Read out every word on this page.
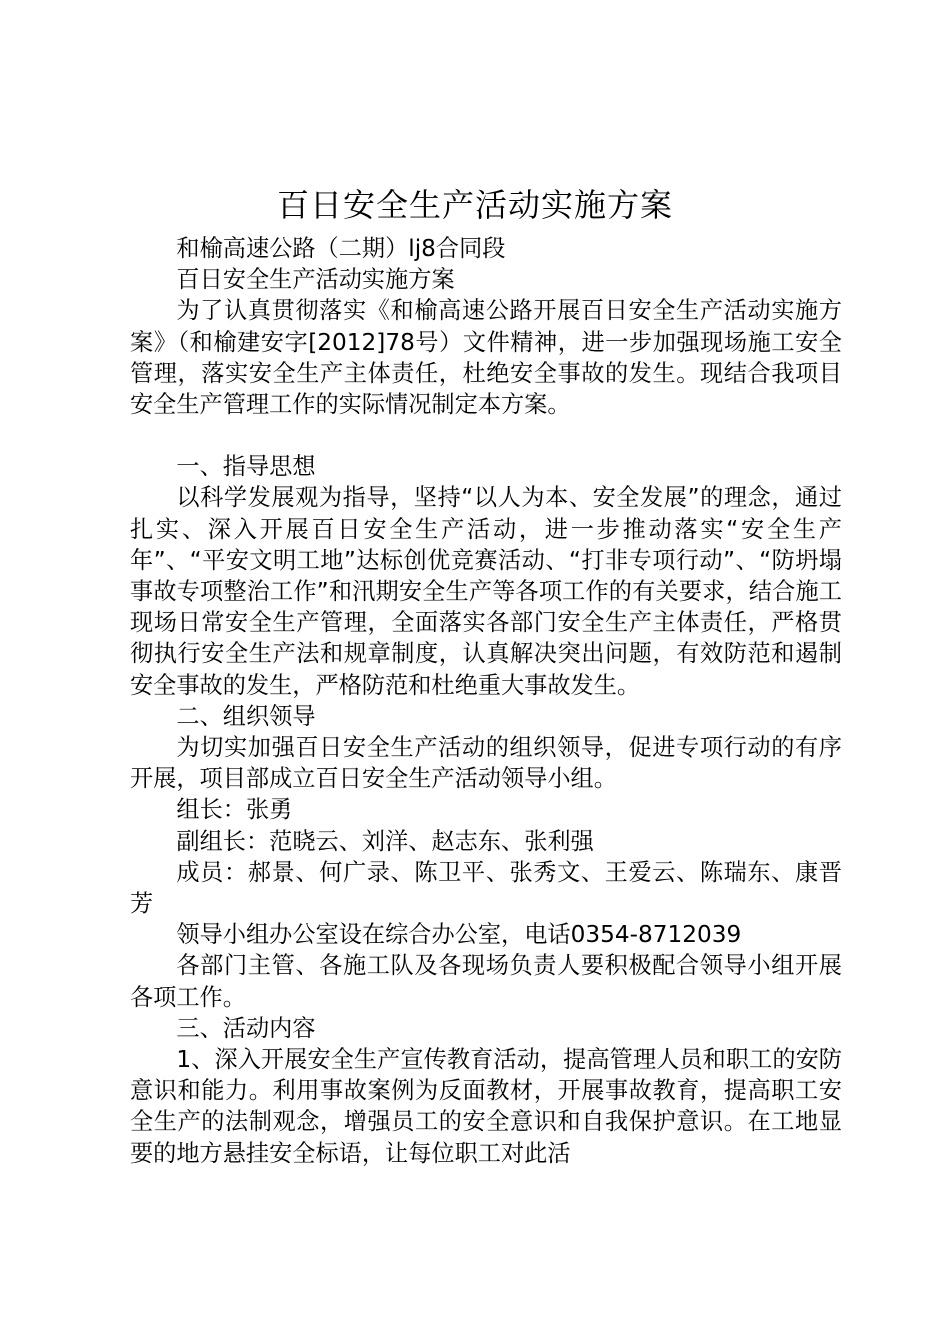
百日安全生产活动实施方案

和榆高速公路（二期）lj8合同段

百日安全生产活动实施方案

为了认真贯彻落实《和榆高速公路开展百日安全生产活动实施方案》（和榆建安字[2012]78号）文件精神，进一步加强现场施工安全管理，落实安全生产主体责任，杜绝安全事故的发生。现结合我项目安全生产管理工作的实际情况制定本方案。

一、指导思想

以科学发展观为指导，坚持“以人为本、安全发展”的理念，通过扎实、深入开展百日安全生产活动，进一步推动落实“安全生产年”、“平安文明工地”达标创优竞赛活动、“打非专项行动”、“防坍塌事故专项整治工作”和汛期安全生产等各项工作的有关要求，结合施工现场日常安全生产管理，全面落实各部门安全生产主体责任，严格贯彻执行安全生产法和规章制度，认真解决突出问题，有效防范和遏制安全事故的发生，严格防范和杜绝重大事故发生。

二、组织领导

为切实加强百日安全生产活动的组织领导，促进专项行动的有序开展，项目部成立百日安全生产活动领导小组。

组长：张勇

副组长：范晓云、刘洋、赵志东、张利强

成员：郝景、何广录、陈卫平、张秀文、王爱云、陈瑞东、康晋芳

领导小组办公室设在综合办公室，电话0354-8712039

各部门主管、各施工队及各现场负责人要积极配合领导小组开展各项工作。

三、活动内容

1、深入开展安全生产宣传教育活动，提高管理人员和职工的安防意识和能力。利用事故案例为反面教材，开展事故教育，提高职工安全生产的法制观念，增强员工的安全意识和自我保护意识。在工地显要的地方悬挂安全标语，让每位职工对此活
